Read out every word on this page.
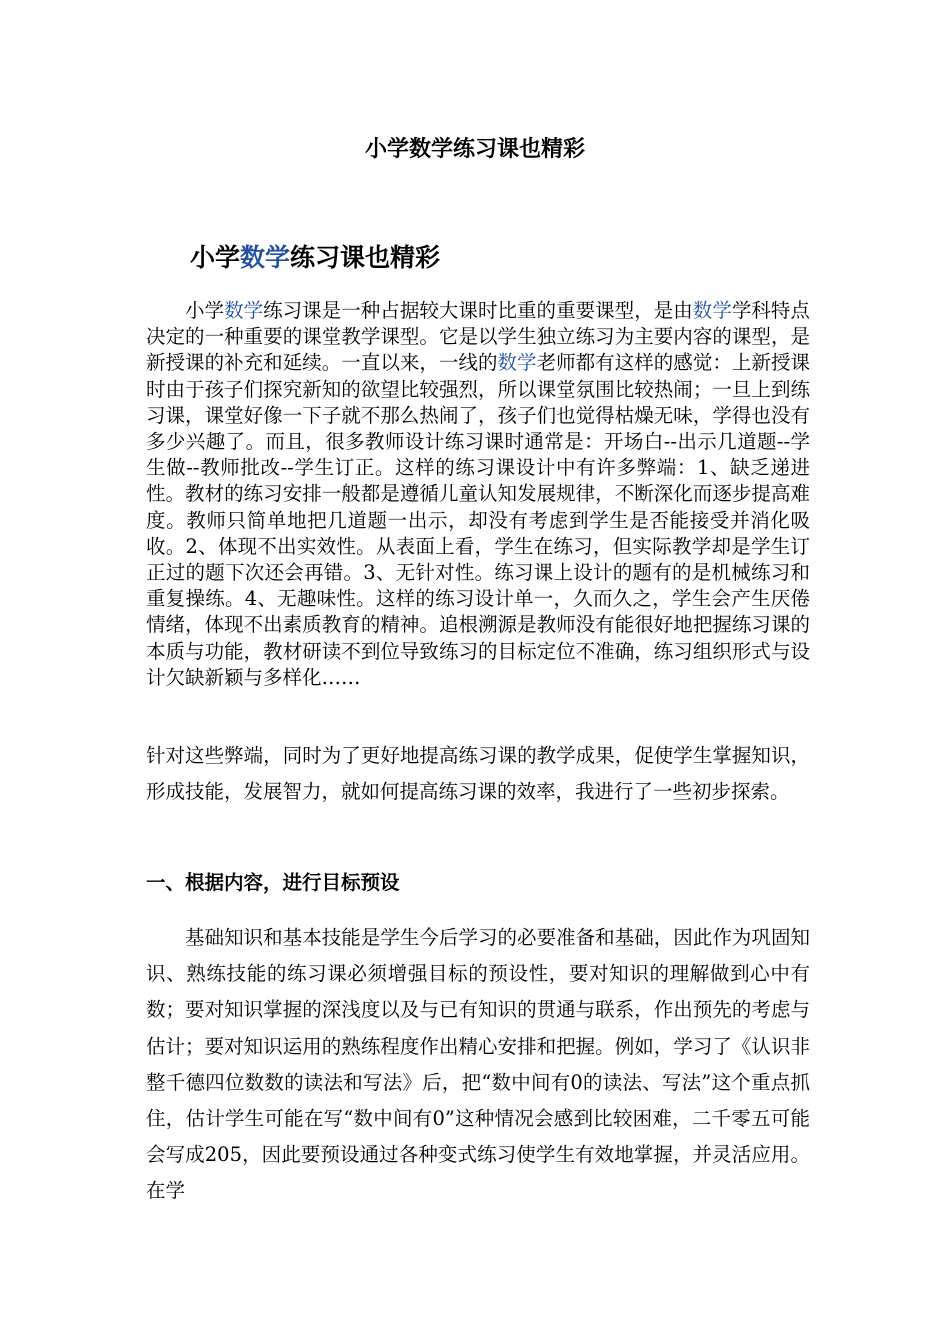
小学数学练习课也精彩
小学数学练习课也精彩

小学数学练习课是一种占据较大课时比重的重要课型，是由数学学科特点决定的一种重要的课堂教学课型。它是以学生独立练习为主要内容的课型，是新授课的补充和延续。一直以来，一线的数学老师都有这样的感觉：上新授课时由于孩子们探究新知的欲望比较强烈，所以课堂氛围比较热闹；一旦上到练习课，课堂好像一下子就不那么热闹了，孩子们也觉得枯燥无味，学得也没有多少兴趣了。而且，很多教师设计练习课时通常是：开场白--出示几道题--学生做--教师批改--学生订正。这样的练习课设计中有许多弊端：1、缺乏递进性。教材的练习安排一般都是遵循儿童认知发展规律，不断深化而逐步提高难度。教师只简单地把几道题一出示，却没有考虑到学生是否能接受并消化吸收。2、体现不出实效性。从表面上看，学生在练习，但实际教学却是学生订正过的题下次还会再错。3、无针对性。练习课上设计的题有的是机械练习和重复操练。4、无趣味性。这样的练习设计单一，久而久之，学生会产生厌倦情绪，体现不出素质教育的精神。追根溯源是教师没有能很好地把握练习课的本质与功能，教材研读不到位导致练习的目标定位不准确，练习组织形式与设计欠缺新颖与多样化……

针对这些弊端，同时为了更好地提高练习课的教学成果，促使学生掌握知识，形成技能，发展智力，就如何提高练习课的效率，我进行了一些初步探索。

一、根据内容，进行目标预设

基础知识和基本技能是学生今后学习的必要准备和基础，因此作为巩固知识、熟练技能的练习课必须增强目标的预设性，要对知识的理解做到心中有数；要对知识掌握的深浅度以及与已有知识的贯通与联系，作出预先的考虑与估计；要对知识运用的熟练程度作出精心安排和把握。例如，学习了《认识非整千德四位数数的读法和写法》后，把“数中间有0的读法、写法”这个重点抓住，估计学生可能在写“数中间有0”这种情况会感到比较困难，二千零五可能会写成205，因此要预设通过各种变式练习使学生有效地掌握，并灵活应用。在学
